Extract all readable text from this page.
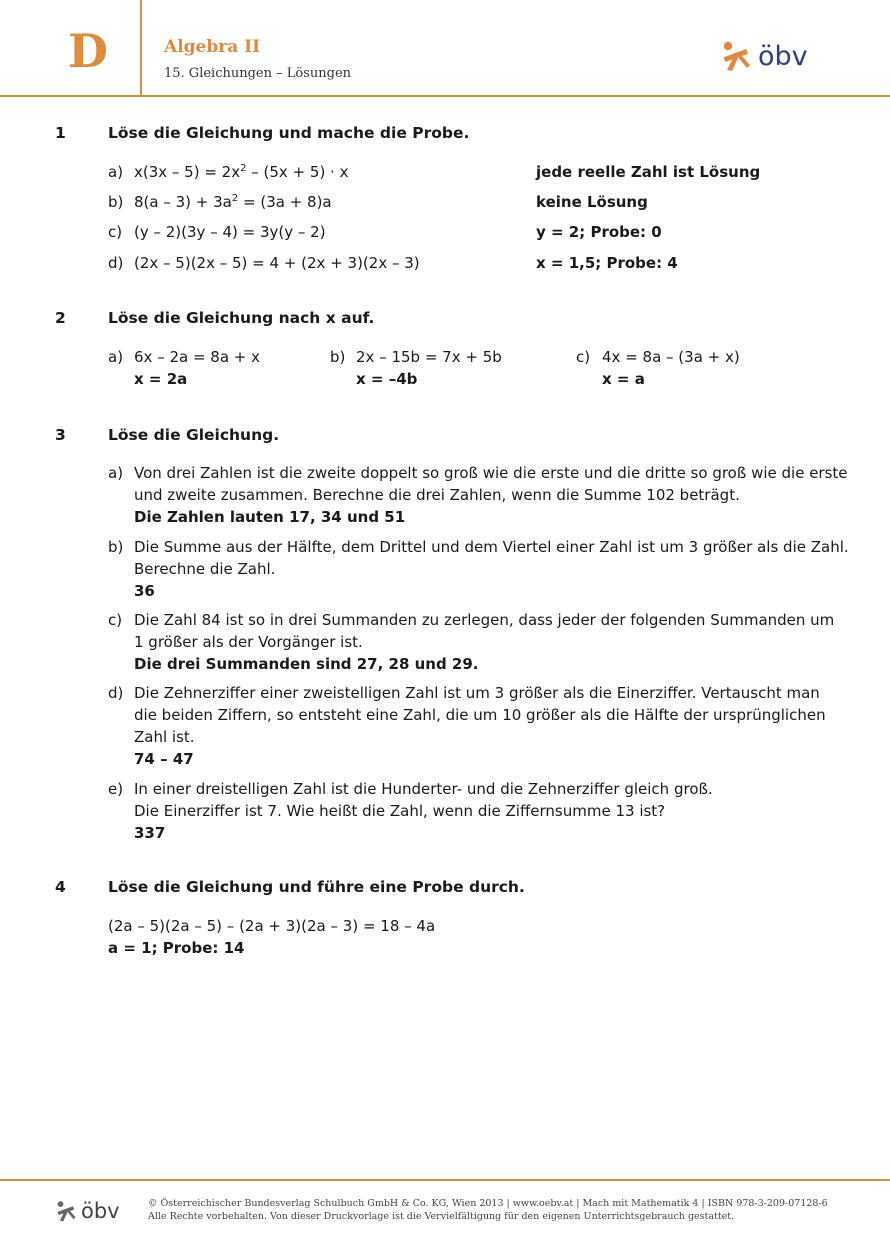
D	Algebra II
15. Gleichungen – Lösungen
öbv
1	Löse die Gleichung und mache die Probe.
a) $x(3x - 5) = 2x^2 - (5x + 5) \cdot x$	jede reelle Zahl ist Lösung
b) $8(a - 3) + 3a^2 = (3a + 8)a$	keine Lösung
c) (y – 2)(3y – 4) = 3y(y – 2)	y = 2; Probe: 0
d) (2x – 5)(2x – 5) = 4 + (2x + 3)(2x – 3)	x = 1,5; Probe: 4
2	Löse die Gleichung nach x auf.
a) 6x – 2a = 8a + x
x = 2a
b) 2x – 15b = 7x + 5b
x = –4b
c) 4x = 8a – (3a + x)
x = a
3	Löse die Gleichung.
a) Von drei Zahlen ist die zweite doppelt so groß wie die erste und die dritte so groß wie die erste
und zweite zusammen. Berechne die drei Zahlen, wenn die Summe 102 beträgt.
Die Zahlen lauten 17, 34 und 51
b) Die Summe aus der Hälfte, dem Drittel und dem Viertel einer Zahl ist um 3 größer als die Zahl.
Berechne die Zahl.
36
c) Die Zahl 84 ist so in drei Summanden zu zerlegen, dass jeder der folgenden Summanden um
1 größer als der Vorgänger ist.
Die drei Summanden sind 27, 28 und 29.
d) Die Zehnerziffer einer zweistelligen Zahl ist um 3 größer als die Einerziffer. Vertauscht man
die beiden Ziffern, so entsteht eine Zahl, die um 10 größer als die Hälfte der ursprünglichen
Zahl ist.
74 – 47
e) In einer dreistelligen Zahl ist die Hunderter- und die Zehnerziffer gleich groß.
Die Einerziffer ist 7. Wie heißt die Zahl, wenn die Ziffernsumme 13 ist?
337
4	Löse die Gleichung und führe eine Probe durch.
(2a – 5)(2a – 5) – (2a + 3)(2a – 3) = 18 – 4a
a = 1; Probe: 14
öbv	© Österreichischer Bundesverlag Schulbuch GmbH & Co. KG, Wien 2013 | www.oebv.at | Mach mit Mathematik 4 | ISBN 978-3-209-07128-6
Alle Rechte vorbehalten. Von dieser Druckvorlage ist die Vervielfältigung für den eigenen Unterrichtsgebrauch gestattet.
